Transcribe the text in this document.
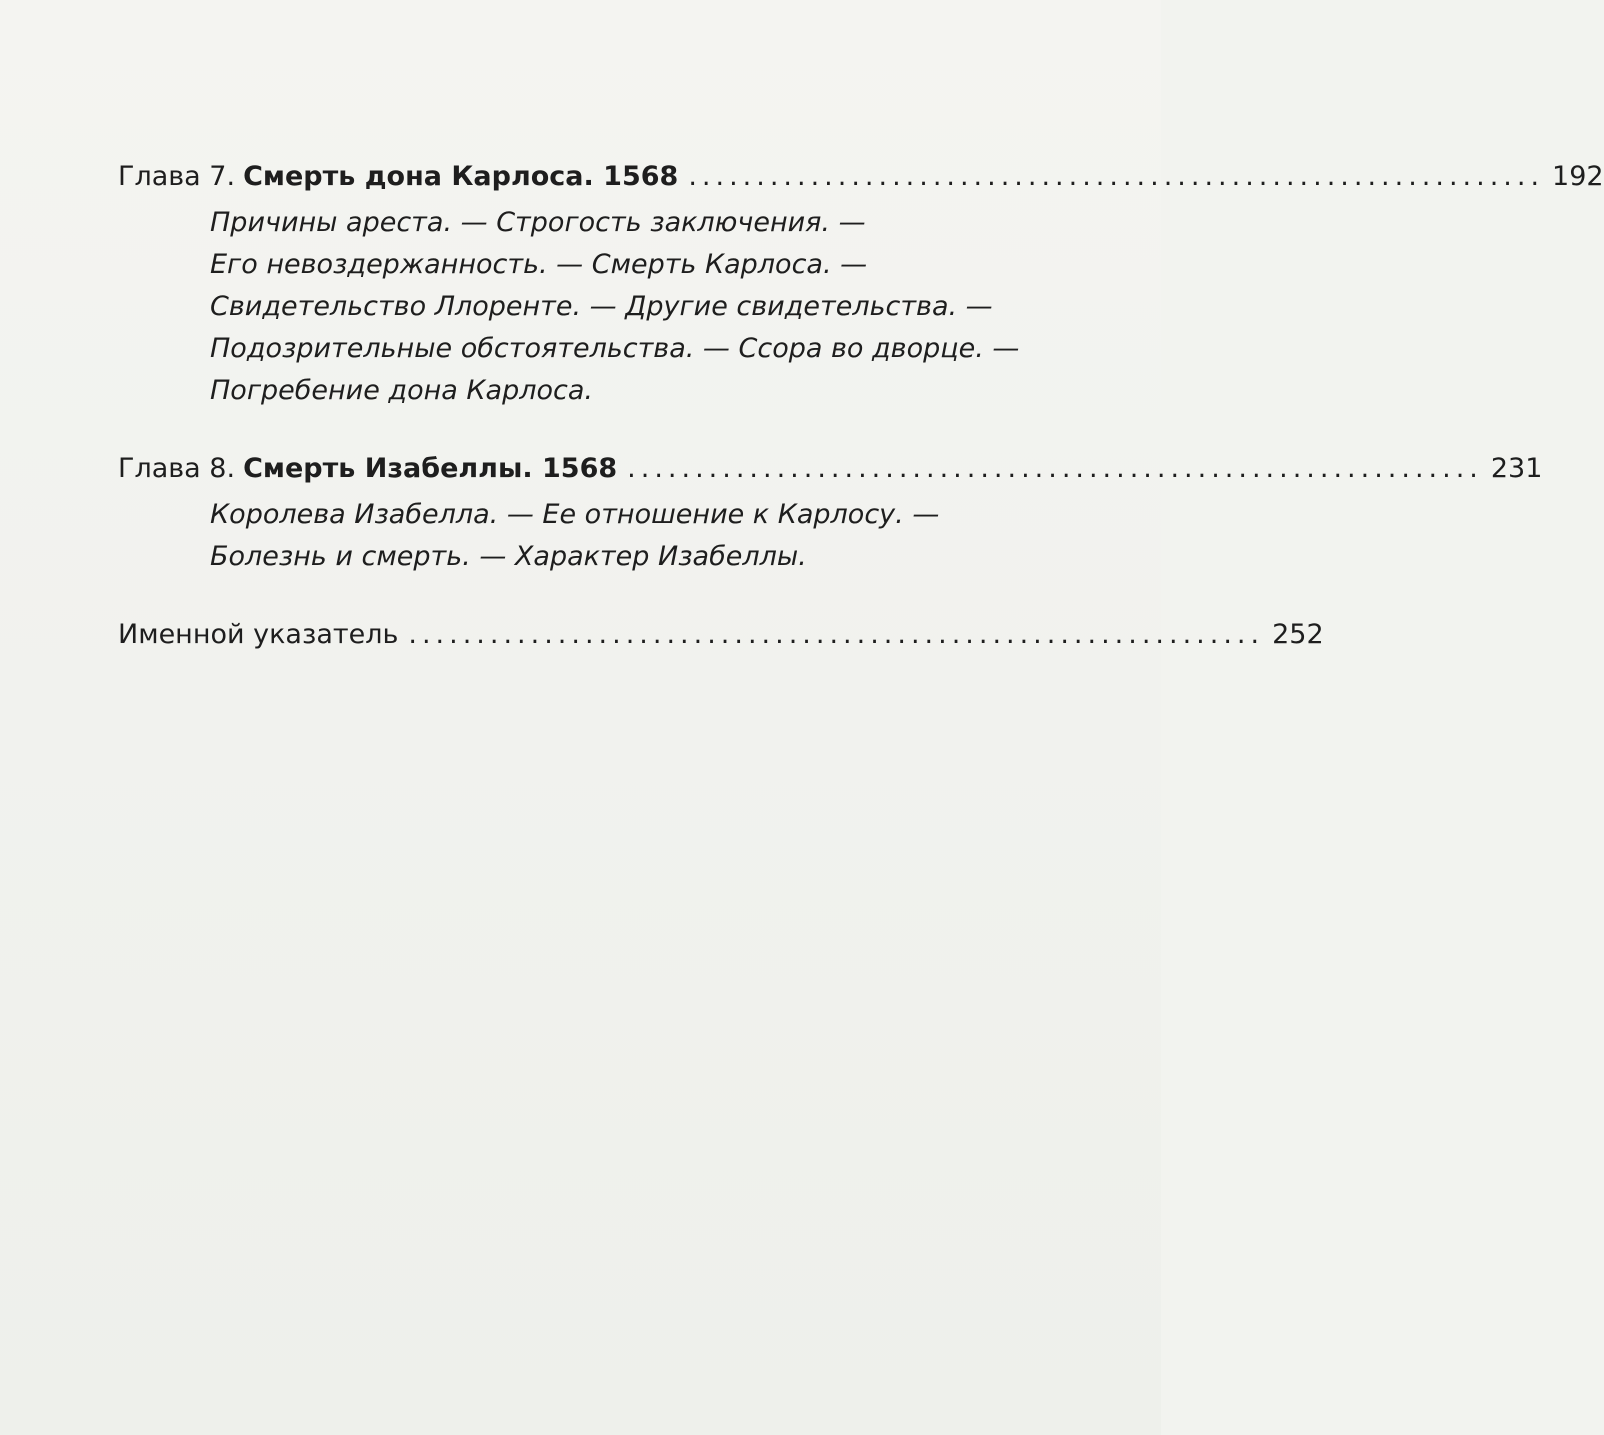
Глава 7. Смерть дона Карлоса. 1568 ............................................................... 192
Причины ареста. — Строгость заключения. —
Его невоздержанность. — Смерть Карлоса. —
Свидетельство Ллоренте. — Другие свидетельства. —
Подозрительные обстоятельства. — Ссора во дворце. —
Погребение дона Карлоса.
Глава 8. Смерть Изабеллы. 1568 ............................................................... 231
Королева Изабелла. — Ее отношение к Карлосу. —
Болезнь и смерть. — Характер Изабеллы.
Именной указатель ............................................................... 252
